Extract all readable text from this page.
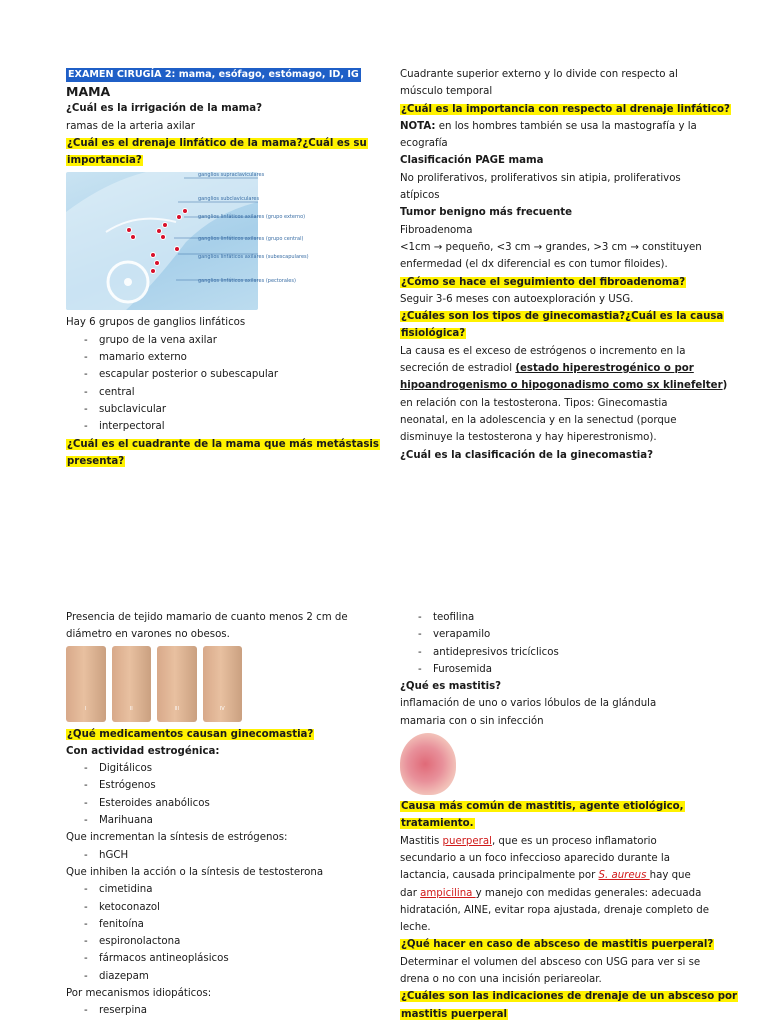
EXAMEN CIRUGÍA 2: mama, esófago, estómago, ID, IG

MAMA

¿Cuál es la irrigación de la mama?

ramas de la arteria axilar

¿Cuál es el drenaje linfático de la mama?¿Cuál es su

importancia?

ganglios supraclaviculares
ganglios subclaviculares
ganglios linfáticos axilares (grupo externo)
ganglios linfáticos axilares (grupo central)
ganglios linfáticos axilares (subescapulares)
ganglios linfáticos axilares (pectorales)

Hay 6 grupos de ganglios linfáticos

- grupo de la vena axilar

- mamario externo

- escapular posterior o subescapular

- central

- subclavicular

- interpectoral

¿Cuál es el cuadrante de la mama que más metástasis

presenta?

Cuadrante superior externo y lo divide con respecto al

músculo temporal

¿Cuál es la importancia con respecto al drenaje linfático?

NOTA: en los hombres también se usa la mastografía y la

ecografía

Clasificación PAGE mama

No proliferativos, proliferativos sin atipia, proliferativos

atípicos

Tumor benigno más frecuente

Fibroadenoma

<1cm → pequeño, <3 cm → grandes, >3 cm → constituyen

enfermedad (el dx diferencial es con tumor filoides).

¿Cómo se hace el seguimiento del fibroadenoma?

Seguir 3-6 meses con autoexploración y USG.

¿Cuáles son los tipos de ginecomastia?¿Cuál es la causa

fisiológica?

La causa es el exceso de estrógenos o incremento en la

secreción de estradiol (estado hiperestrogénico o por

hipoandrogenismo o hipogonadismo como sx klinefelter)

en relación con la testosterona. Tipos: Ginecomastia

neonatal, en la adolescencia y en la senectud (porque

disminuye la testosterona y hay hiperestronismo).

¿Cuál es la clasificación de la ginecomastia?

Presencia de tejido mamario de cuanto menos 2 cm de

diámetro en varones no obesos.

I	II	III	IV

¿Qué medicamentos causan ginecomastia?

Con actividad estrogénica:

- Digitálicos

- Estrógenos

- Esteroides anabólicos

- Marihuana

Que incrementan la síntesis de estrógenos:

- hGCH

Que inhiben la acción o la síntesis de testosterona

- cimetidina

- ketoconazol

- fenitoína

- espironolactona

- fármacos antineoplásicos

- diazepam

Por mecanismos idiopáticos:

- reserpina

- teofilina

- verapamilo

- antidepresivos tricíclicos

- Furosemida

¿Qué es mastitis?

inflamación de uno o varios lóbulos de la glándula

mamaria con o sin infección

Causa más común de mastitis, agente etiológico,

tratamiento.

Mastitis puerperal, que es un proceso inflamatorio

secundario a un foco infeccioso aparecido durante la

lactancia, causada principalmente por S. aureus hay que

dar ampicilina y manejo con medidas generales: adecuada

hidratación, AINE, evitar ropa ajustada, drenaje completo de

leche.

¿Qué hacer en caso de absceso de mastitis puerperal?

Determinar el volumen del absceso con USG para ver si se

drena o no con una incisión periareolar.

¿Cuáles son las indicaciones de drenaje de un absceso por

mastitis puerperal
